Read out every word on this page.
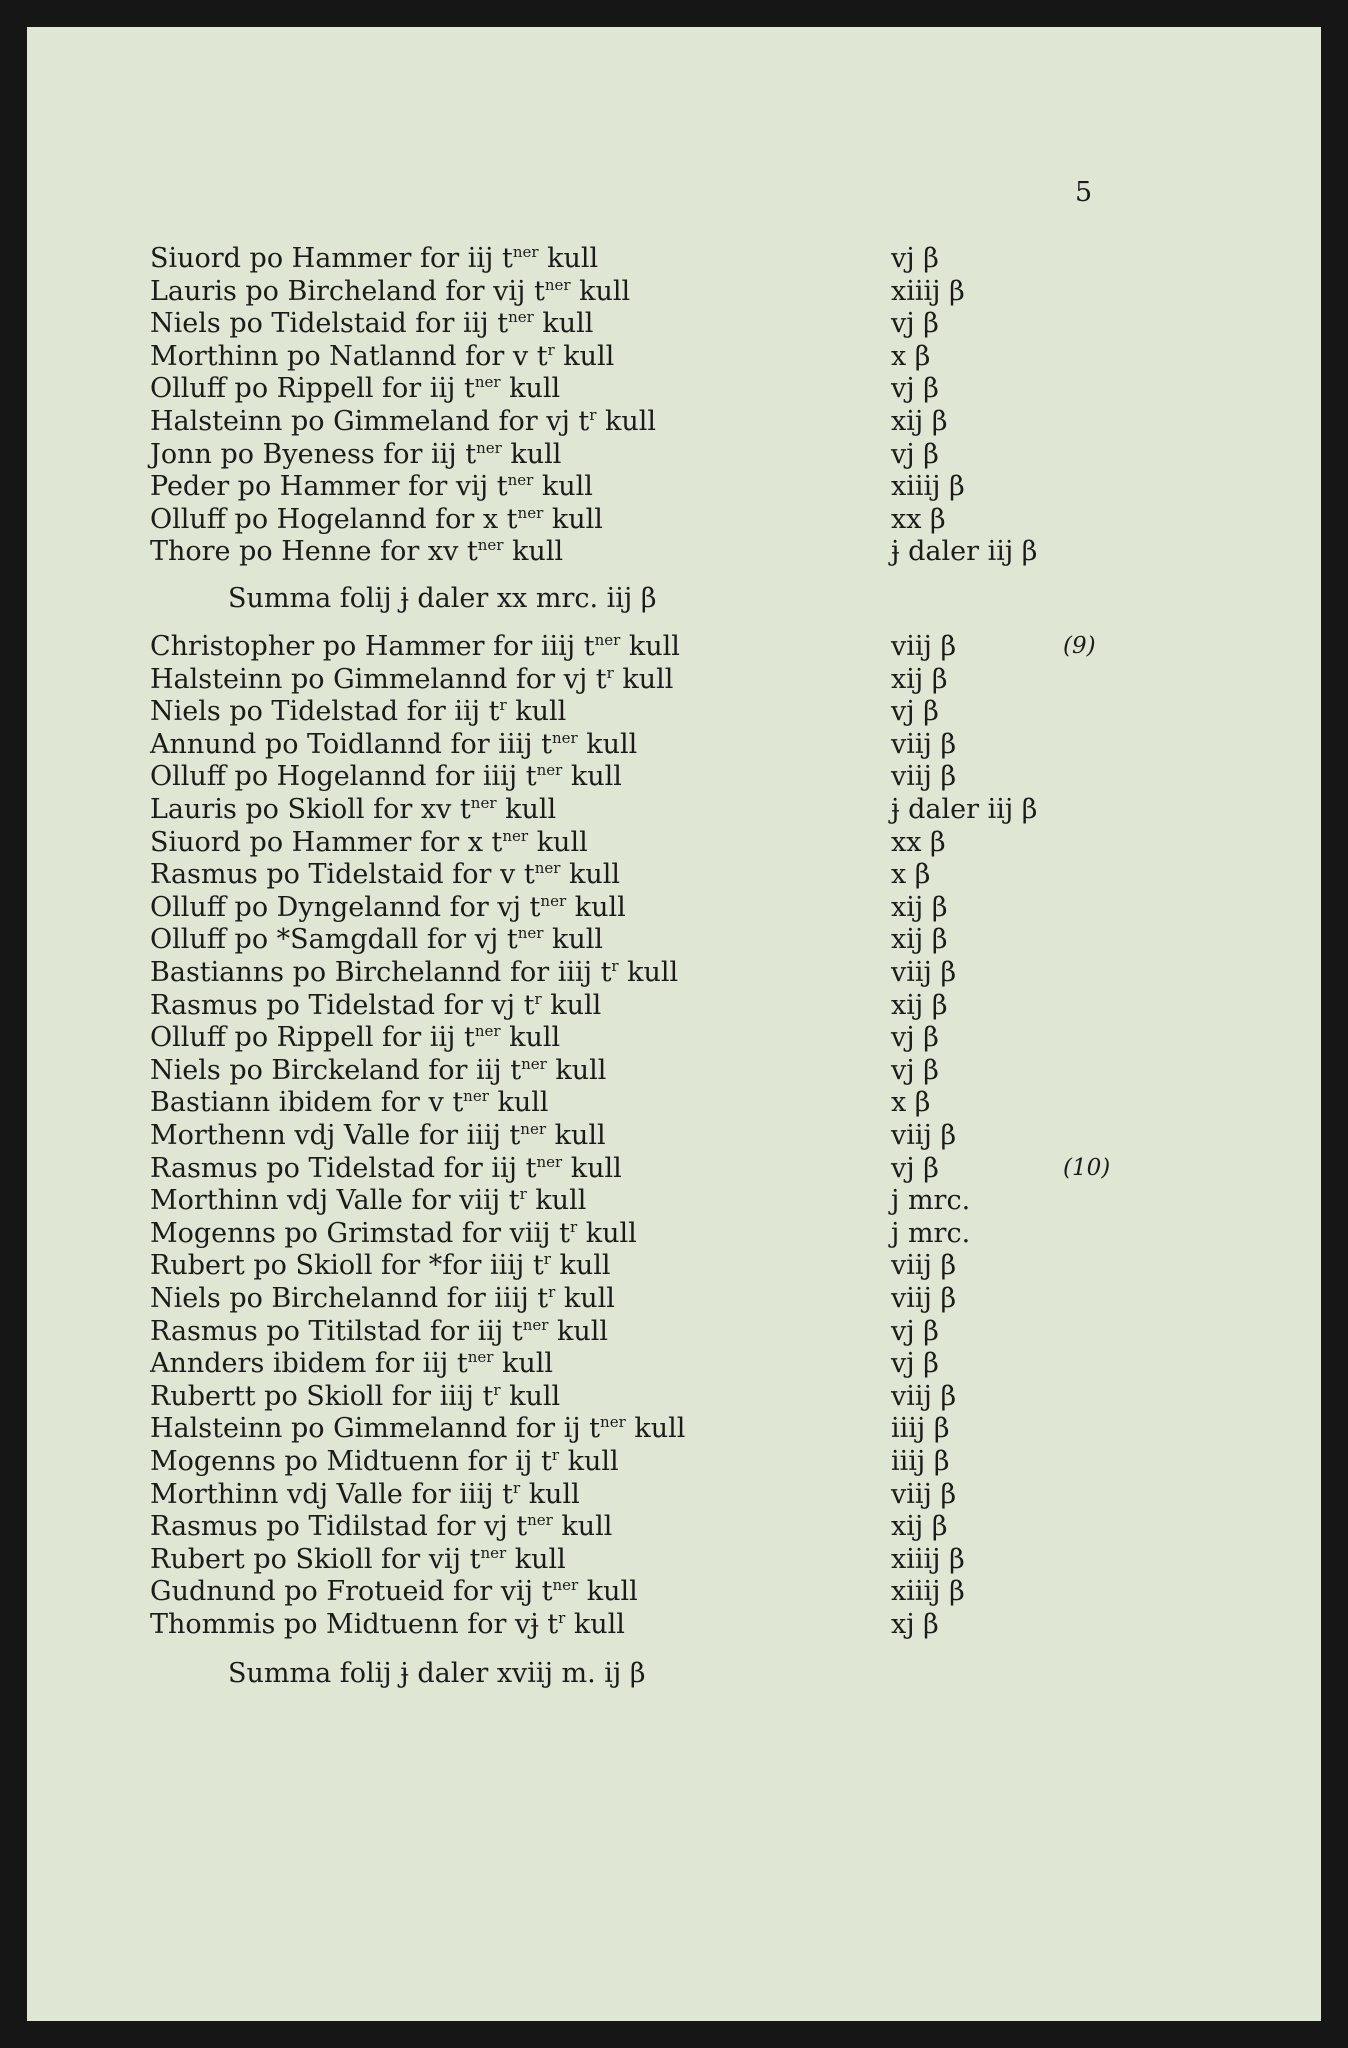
5
Siuord po Hammer for iij $t^{ner}$ kull	vj β
Lauris po Bircheland for vij $t^{ner}$ kull	xiiij β
Niels po Tidelstaid for iij $t^{ner}$ kull	vj β
Morthinn po Natlannd for v $t^r$ kull	x β
Olluff po Rippell for iij $t^{ner}$ kull	vj β
Halsteinn po Gimmeland for vj $t^r$ kull	xij β
Jonn po Byeness for iij $t^{ner}$ kull	vj β
Peder po Hammer for vij $t^{ner}$ kull	xiiij β
Olluff po Hogelannd for x $t^{ner}$ kull	xx β
Thore po Henne for xv $t^{ner}$ kull	ɉ daler iij β
Summa folij ɉ daler xx mrc. iij β
Christopher po Hammer for iiij $t^{ner}$ kull	viij β	(9)
Halsteinn po Gimmelannd for vj $t^r$ kull	xij β
Niels po Tidelstad for iij $t^r$ kull	vj β
Annund po Toidlannd for iiij $t^{ner}$ kull	viij β
Olluff po Hogelannd for iiij $t^{ner}$ kull	viij β
Lauris po Skioll for xv $t^{ner}$ kull	ɉ daler iij β
Siuord po Hammer for x $t^{ner}$ kull	xx β
Rasmus po Tidelstaid for v $t^{ner}$ kull	x β
Olluff po Dyngelannd for vj $t^{ner}$ kull	xij β
Olluff po *Samgdall for vj $t^{ner}$ kull	xij β
Bastianns po Birchelannd for iiij $t^r$ kull	viij β
Rasmus po Tidelstad for vj $t^r$ kull	xij β
Olluff po Rippell for iij $t^{ner}$ kull	vj β
Niels po Birckeland for iij $t^{ner}$ kull	vj β
Bastiann ibidem for v $t^{ner}$ kull	x β
Morthenn vdj Valle for iiij $t^{ner}$ kull	viij β
Rasmus po Tidelstad for iij $t^{ner}$ kull	vj β	(10)
Morthinn vdj Valle for viij $t^r$ kull	j mrc.
Mogenns po Grimstad for viij $t^r$ kull	j mrc.
Rubert po Skioll for *for iiij $t^r$ kull	viij β
Niels po Birchelannd for iiij $t^r$ kull	viij β
Rasmus po Titilstad for iij $t^{ner}$ kull	vj β
Annders ibidem for iij $t^{ner}$ kull	vj β
Rubertt po Skioll for iiij $t^r$ kull	viij β
Halsteinn po Gimmelannd for ij $t^{ner}$ kull	iiij β
Mogenns po Midtuenn for ij $t^r$ kull	iiij β
Morthinn vdj Valle for iiij $t^r$ kull	viij β
Rasmus po Tidilstad for vj $t^{ner}$ kull	xij β
Rubert po Skioll for vij $t^{ner}$ kull	xiiij β
Gudnund po Frotueid for vij $t^{ner}$ kull	xiiij β
Thommis po Midtuenn for vɉ $t^r$ kull	xj β
Summa folij ɉ daler xviij m. ij β
